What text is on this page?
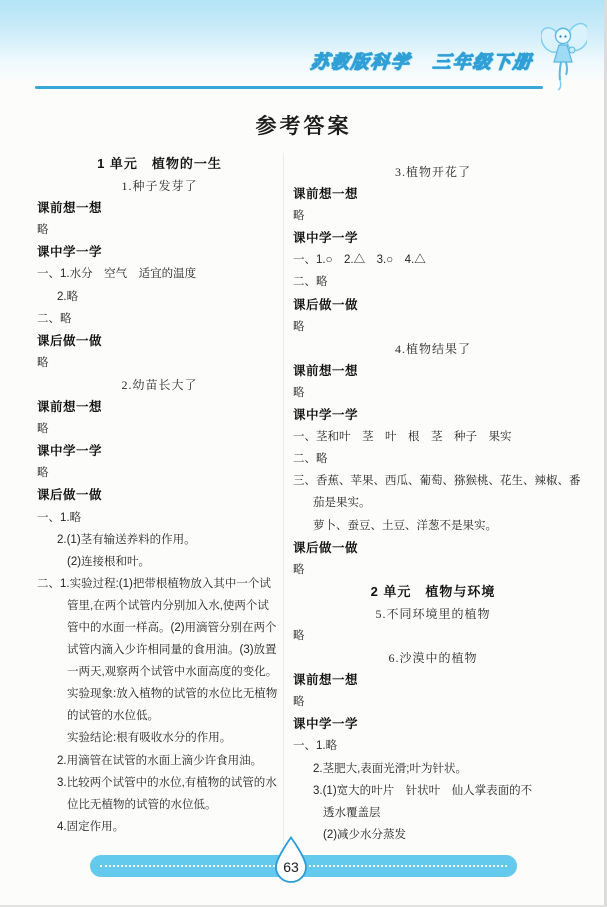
苏教版科学 三年级下册
参考答案
1 单元　植物的一生
1.种子发芽了
课前想一想
略
课中学一学
一、1.水分　空气　适宜的温度
2.略
二、略
课后做一做
略
2.幼苗长大了
课前想一想
略
课中学一学
略
课后做一做
一、1.略
2.(1)茎有输送养料的作用。
(2)连接根和叶。
二、1.实验过程:(1)把带根植物放入其中一个试
管里,在两个试管内分别加入水,使两个试
管中的水面一样高。(2)用滴管分别在两个
试管内滴入少许相同量的食用油。(3)放置
一两天,观察两个试管中水面高度的变化。
实验现象:放入植物的试管的水位比无植物
的试管的水位低。
实验结论:根有吸收水分的作用。
2.用滴管在试管的水面上滴少许食用油。
3.比较两个试管中的水位,有植物的试管的水
位比无植物的试管的水位低。
4.固定作用。
3.植物开花了
课前想一想
略
课中学一学
一、1.○　2.△　3.○　4.△
二、略
课后做一做
略
4.植物结果了
课前想一想
略
课中学一学
一、茎和叶　茎　叶　根　茎　种子　果实
二、略
三、香蕉、苹果、西瓜、葡萄、猕猴桃、花生、辣椒、番
茄是果实。
萝卜、蚕豆、土豆、洋葱不是果实。
课后做一做
略
2 单元　植物与环境
5.不同环境里的植物
略
6.沙漠中的植物
课前想一想
略
课中学一学
一、1.略
2.茎肥大,表面光滑;叶为针状。
3.(1)宽大的叶片　针状叶　仙人掌表面的不
透水覆盖层
(2)减少水分蒸发
63
